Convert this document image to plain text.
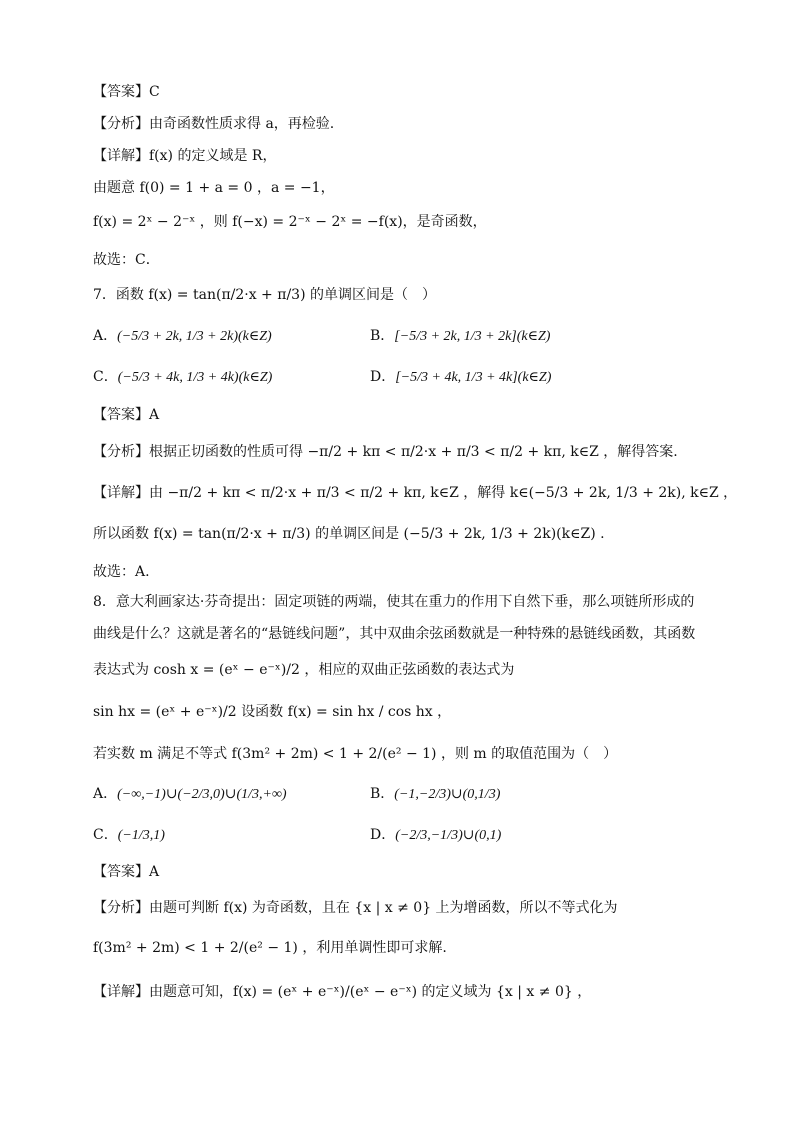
【答案】C
【分析】由奇函数性质求得 a，再检验.
【详解】f(x) 的定义域是 R，
由题意 f(0) = 1 + a = 0 ，a = −1，
f(x) = 2ˣ − 2⁻ˣ ，则 f(−x) = 2⁻ˣ − 2ˣ = −f(x)，是奇函数，
故选：C．
7．函数 f(x) = tan(π/2·x + π/3) 的单调区间是（　）
【答案】A
【分析】根据正切函数的性质可得 −π/2 + kπ < π/2·x + π/3 < π/2 + kπ, k∈Z ，解得答案.
【详解】由 −π/2 + kπ < π/2·x + π/3 < π/2 + kπ, k∈Z ，解得 k∈(−5/3 + 2k, 1/3 + 2k), k∈Z ，
所以函数 f(x) = tan(π/2·x + π/3) 的单调区间是 (−5/3 + 2k, 1/3 + 2k)(k∈Z) .
故选：A.
8．意大利画家达·芬奇提出：固定项链的两端，使其在重力的作用下自然下垂，那么项链所形成的
曲线是什么？这就是著名的“悬链线问题”，其中双曲余弦函数就是一种特殊的悬链线函数，其函数
表达式为 cosh x = (eˣ − e⁻ˣ)/2 ，相应的双曲正弦函数的表达式为
sin hx = (eˣ + e⁻ˣ)/2 设函数 f(x) = sin hx / cos hx ，
若实数 m 满足不等式 f(3m² + 2m) < 1 + 2/(e² − 1) ，则 m 的取值范围为（　）
【答案】A
【分析】由题可判断 f(x) 为奇函数，且在 {x | x ≠ 0} 上为增函数，所以不等式化为
f(3m² + 2m) < 1 + 2/(e² − 1) ，利用单调性即可求解.
【详解】由题意可知，f(x) = (eˣ + e⁻ˣ)/(eˣ − e⁻ˣ) 的定义域为 {x | x ≠ 0} ，
A．(−5/3 + 2k, 1/3 + 2k)(k∈Z)	B．[−5/3 + 2k, 1/3 + 2k](k∈Z)
C．(−5/3 + 4k, 1/3 + 4k)(k∈Z)	D．[−5/3 + 4k, 1/3 + 4k](k∈Z)
A．(−∞,−1)∪(−2/3,0)∪(1/3,+∞)	B．(−1,−2/3)∪(0,1/3)
C．(−1/3,1)	D．(−2/3,−1/3)∪(0,1)
